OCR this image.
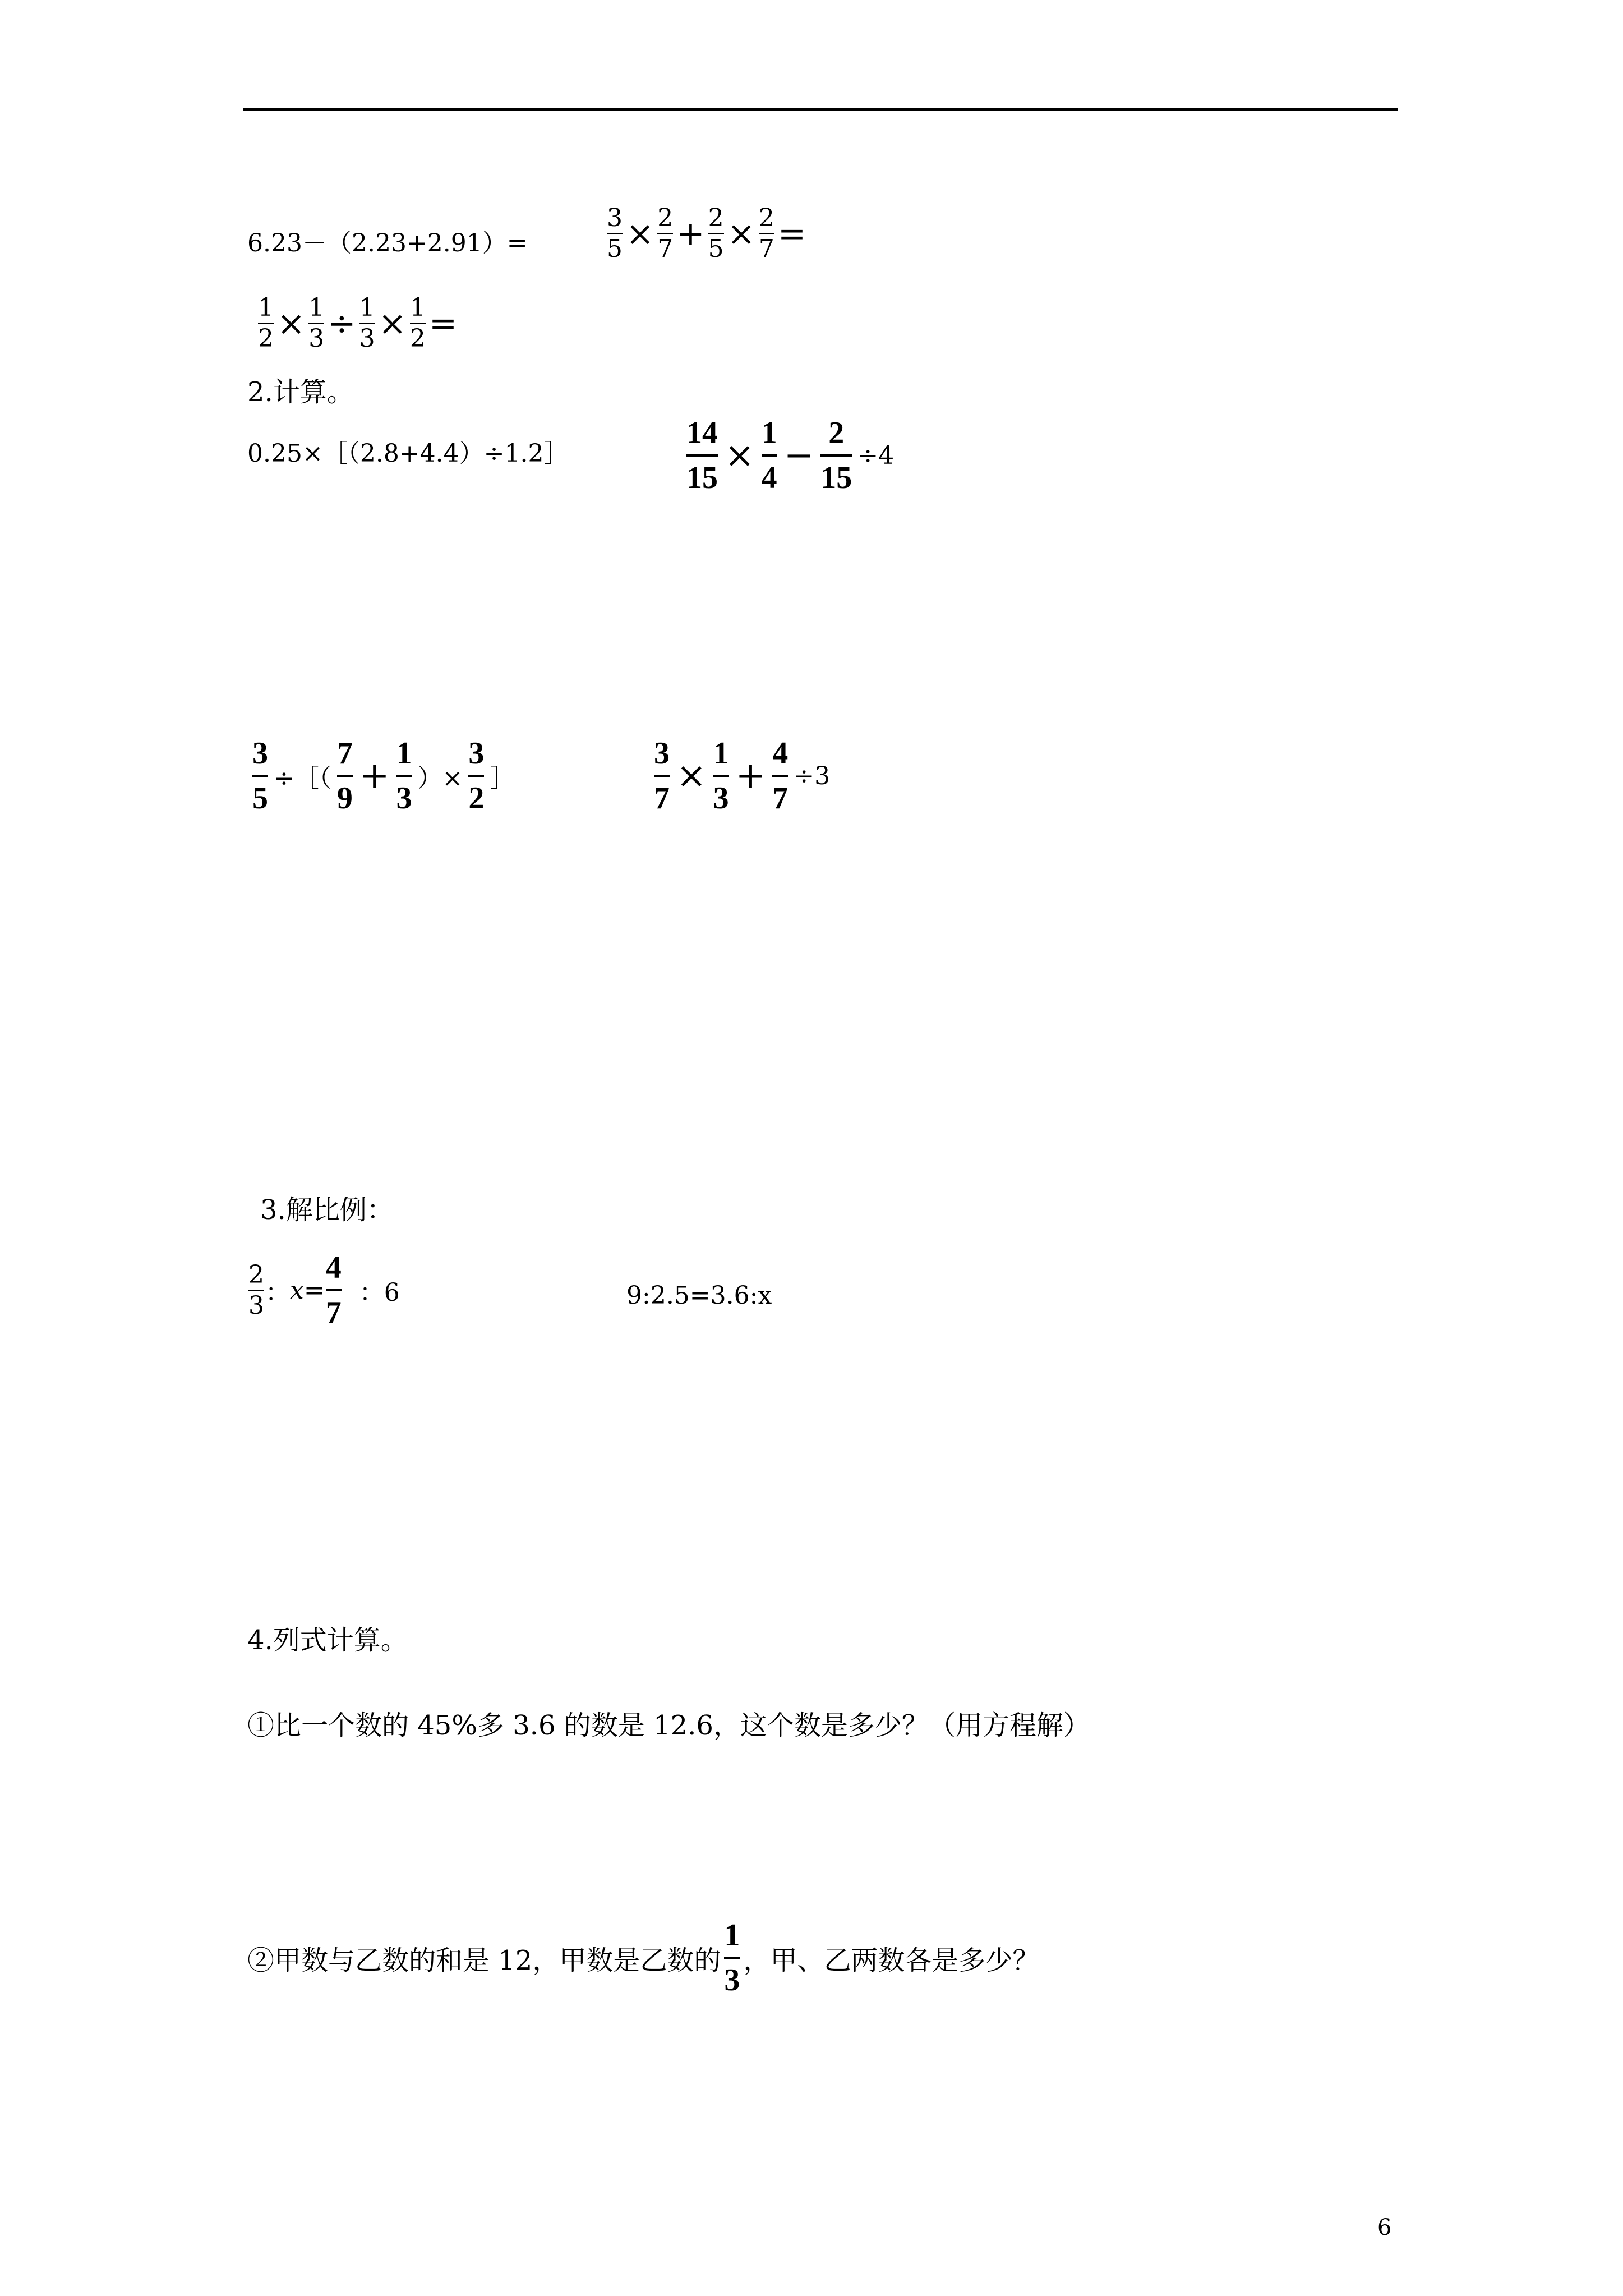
6.23－（2.23+2.91）=	$\frac{3}{5} \times \frac{2}{7} + \frac{2}{5} \times \frac{2}{7}$ =
$\frac{1}{2} \times \frac{1}{3} \div \frac{1}{3} \times \frac{1}{2}$ =
2.计算。
0.25×［（2.8+4.4）÷1.2］	$\frac{14}{15} \times \frac{1}{4} - \frac{2}{15} \div 4$
$\frac{3}{5}$ ÷［（ $\frac{7}{9} + \frac{1}{3}$ ）× $\frac{3}{2}$ ］	$\frac{3}{7} \times \frac{1}{3} + \frac{4}{7} \div 3$
3.解比例：
$\frac{2}{3}$ ： $x = \frac{4}{7}$ ：6	9:2.5=3.6:x
4.列式计算。
①比一个数的 45%多 3.6 的数是 12.6，这个数是多少？（用方程解）
②甲数与乙数的和是 12，甲数是乙数的 $\frac{1}{3}$ ，甲、乙两数各是多少？
6
